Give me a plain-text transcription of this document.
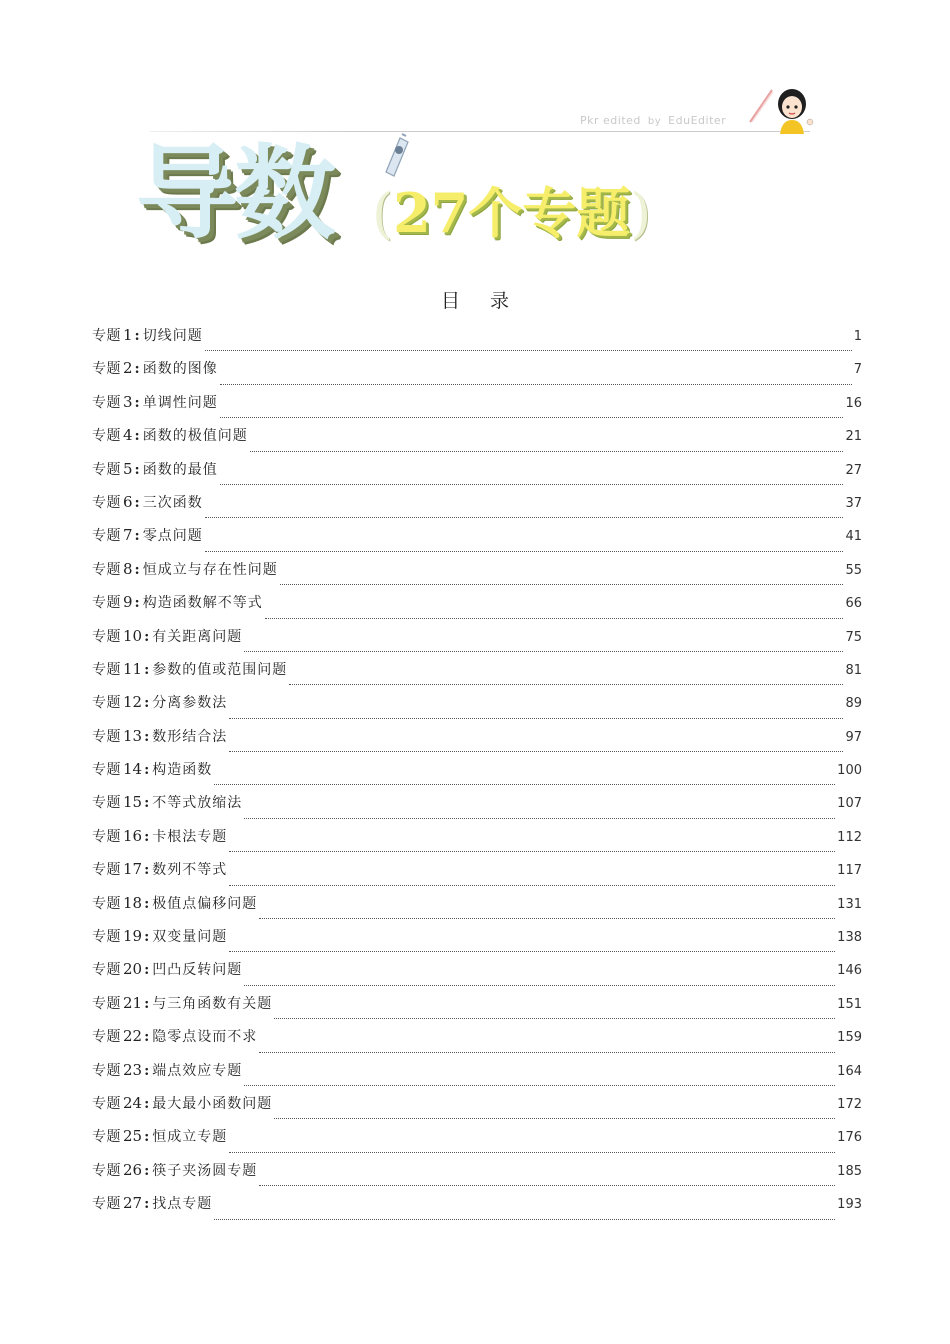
Pkr edited by EduEditer
导数 (27个专题)
目 录
专题 1 : 切线问题	1
专题 2 : 函数的图像	7
专题 3 : 单调性问题	16
专题 4 : 函数的极值问题	21
专题 5 : 函数的最值	27
专题 6 : 三次函数	37
专题 7 : 零点问题	41
专题 8 : 恒成立与存在性问题	55
专题 9 : 构造函数解不等式	66
专题 10 : 有关距离问题	75
专题 11 : 参数的值或范围问题	81
专题 12 : 分离参数法	89
专题 13 : 数形结合法	97
专题 14 : 构造函数	100
专题 15 : 不等式放缩法	107
专题 16 : 卡根法专题	112
专题 17 : 数列不等式	117
专题 18 : 极值点偏移问题	131
专题 19 : 双变量问题	138
专题 20 : 凹凸反转问题	146
专题 21 : 与三角函数有关题	151
专题 22 : 隐零点设而不求	159
专题 23 : 端点效应专题	164
专题 24 : 最大最小函数问题	172
专题 25 : 恒成立专题	176
专题 26 : 筷子夹汤圆专题	185
专题 27 : 找点专题	193
